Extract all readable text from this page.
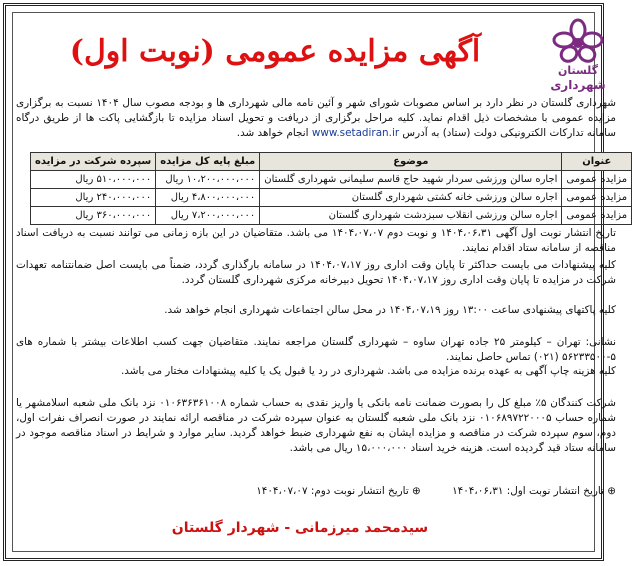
گلستان
شهرداری
آگهی مزایده عمومی (نوبت اول)
شهرداری گلستان در نظر دارد بر اساس مصوبات شورای شهر و آئین نامه مالی شهرداری ها و بودجه مصوب سال ۱۴۰۴ نسبت به برگزاری مزایده عمومی با مشخصات ذیل اقدام نماید. کلیه مراحل برگزاری از دریافت و تحویل اسناد مزایده تا بازگشایی پاکت ها از طریق درگاه سامانه تدارکات الکترونیکی دولت (ستاد) به آدرس www.setadiran.ir انجام خواهد شد.
عنوان	موضوع	مبلغ پایه کل مزایده	سپرده شرکت در مزایده
مزایده عمومی	اجاره سالن ورزشی سردار شهید حاج قاسم سلیمانی شهرداری گلستان	۱۰،۲۰۰،۰۰۰،۰۰۰ ریال	۵۱۰،۰۰۰،۰۰۰ ریال
مزایده عمومی	اجاره سالن ورزشی خانه کشتی شهرداری گلستان	۴،۸۰۰،۰۰۰،۰۰۰ ریال	۲۴۰،۰۰۰،۰۰۰ ریال
مزایده عمومی	اجاره سالن ورزشی انقلاب سبزدشت شهرداری گلستان	۷،۲۰۰،۰۰۰،۰۰۰ ریال	۳۶۰،۰۰۰،۰۰۰ ریال
تاریخ انتشار نوبت اول آگهی ۱۴۰۴،۰۶،۳۱ و نوبت دوم ۱۴۰۴،۰۷،۰۷ می باشد. متقاضیان در این بازه زمانی می توانند نسبت به دریافت اسناد مناقصه از سامانه ستاد اقدام نمایند.
کلیه پیشنهادات می بایست حداکثر تا پایان وقت اداری روز ۱۴۰۴،۰۷،۱۷ در سامانه بارگذاری گردد، ضمناً می بایست اصل ضمانتنامه تعهدات شرکت در مزایده تا پایان وقت اداری روز ۱۴۰۴،۰۷،۱۷ تحویل دبیرخانه مرکزی شهرداری گلستان گردد.
کلیه پاکتهای پیشنهادی ساعت ۱۳:۰۰ روز ۱۴۰۴،۰۷،۱۹ در محل سالن اجتماعات شهرداری انجام خواهد شد.
نشانی: تهران – کیلومتر ۲۵ جاده تهران ساوه – شهرداری گلستان مراجعه نمایند. متقاضیان جهت کسب اطلاعات بیشتر با شماره های ۵-۵۶۲۳۳۵۰۰ (۰۲۱) تماس حاصل نمایند.
کلیه هزینه چاپ آگهی به عهده برنده مزایده می باشد. شهرداری در رد یا قبول یک یا کلیه پیشنهادات مختار می باشد.
شرکت کنندگان ۵٪ مبلغ کل را بصورت ضمانت نامه بانکی یا واریز نقدی به حساب شماره ۰۱۰۶۳۶۳۶۱۰۰۸ نزد بانک ملی شعبه اسلامشهر یا شماره حساب ۰۱۰۶۸۹۷۲۲۰۰۰۵ نزد بانک ملی شعبه گلستان به عنوان سپرده شرکت در مناقصه ارائه نمایند در صورت انصراف نفرات اول، دوم، سوم سپرده شرکت در مناقصه و مزایده ایشان به نفع شهرداری ضبط خواهد گردید. سایر موارد و شرایط در اسناد مناقصه موجود در سامانه ستاد قید گردیده است. هزینه خرید اسناد ۱۵،۰۰۰،۰۰۰ ریال می باشد.
⊕ تاریخ انتشار نوبت اول: ۱۴۰۴،۰۶،۳۱ ⊕ تاریخ انتشار نوبت دوم: ۱۴۰۴،۰۷،۰۷
سیدمحمد میرزمانی - شهردار گلستان
